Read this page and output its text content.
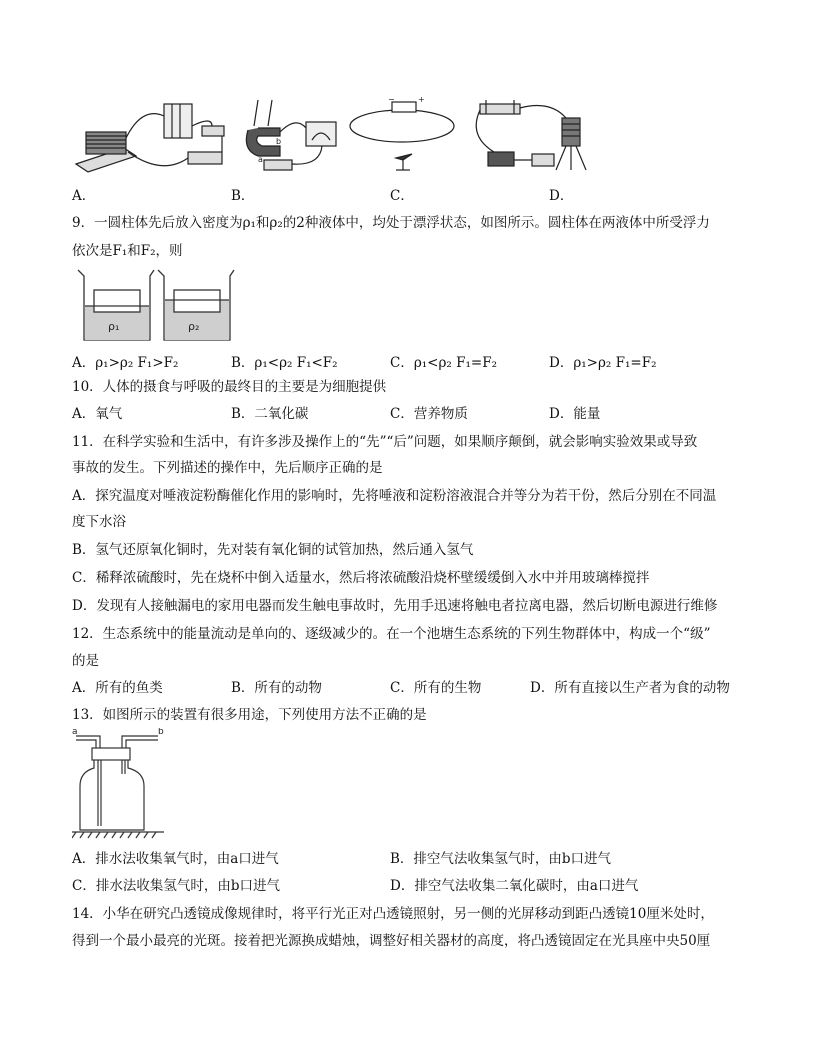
b
a
−	+
A．	B．	C．	D．
9．一圆柱体先后放入密度为ρ₁和ρ₂的2种液体中，均处于漂浮状态，如图所示。圆柱体在两液体中所受浮力
依次是F₁和F₂，则
ρ₁	ρ₂
A．ρ₁>ρ₂ F₁>F₂	B．ρ₁<ρ₂ F₁<F₂	C．ρ₁<ρ₂ F₁=F₂	D．ρ₁>ρ₂ F₁=F₂
10．人体的摄食与呼吸的最终目的主要是为细胞提供
A．氧气	B．二氧化碳	C．营养物质	D．能量
11．在科学实验和生活中，有许多涉及操作上的“先”“后”问题，如果顺序颠倒，就会影响实验效果或导致
事故的发生。下列描述的操作中，先后顺序正确的是
A．探究温度对唾液淀粉酶催化作用的影响时，先将唾液和淀粉溶液混合并等分为若干份，然后分别在不同温
度下水浴
B．氢气还原氧化铜时，先对装有氧化铜的试管加热，然后通入氢气
C．稀释浓硫酸时，先在烧杯中倒入适量水，然后将浓硫酸沿烧杯壁缓缓倒入水中并用玻璃棒搅拌
D．发现有人接触漏电的家用电器而发生触电事故时，先用手迅速将触电者拉离电器，然后切断电源进行维修
12．生态系统中的能量流动是单向的、逐级减少的。在一个池塘生态系统的下列生物群体中，构成一个“级”
的是
A．所有的鱼类	B．所有的动物	C．所有的生物	D．所有直接以生产者为食的动物
13．如图所示的装置有很多用途，下列使用方法不正确的是
a	b
A．排水法收集氧气时，由a口进气	B．排空气法收集氢气时，由b口进气
C．排水法收集氢气时，由b口进气	D．排空气法收集二氧化碳时，由a口进气
14．小华在研究凸透镜成像规律时，将平行光正对凸透镜照射，另一侧的光屏移动到距凸透镜10厘米处时，
得到一个最小最亮的光斑。接着把光源换成蜡烛，调整好相关器材的高度，将凸透镜固定在光具座中央50厘
